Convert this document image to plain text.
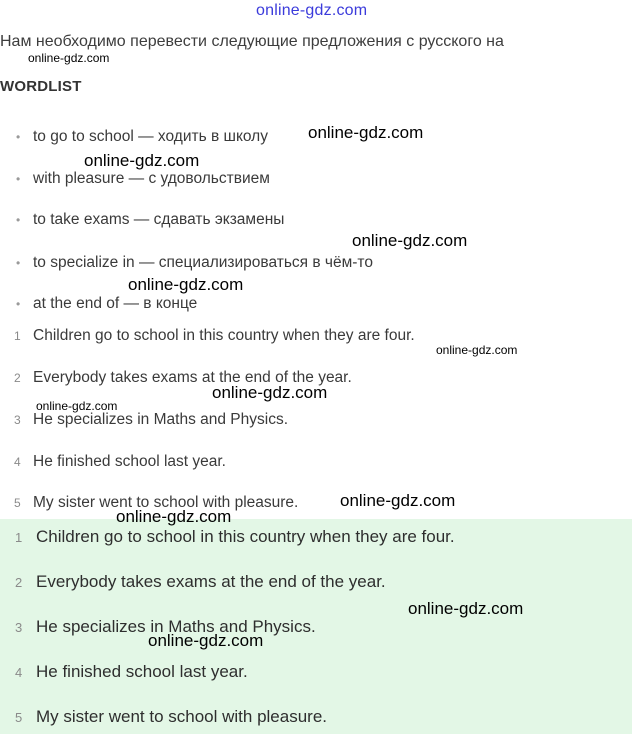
online-gdz.com
Нам необходимо перевести следующие предложения с русского на
WORDLIST
• to go to school — ходить в школу
• with pleasure — с удовольствием
• to take exams — сдавать экзамены
• to specialize in — специализироваться в чём-то
• at the end of — в конце
1 Children go to school in this country when they are four.
2 Everybody takes exams at the end of the year.
3 He specializes in Maths and Physics.
4 He finished school last year.
5 My sister went to school with pleasure.
1 Children go to school in this country when they are four.
2 Everybody takes exams at the end of the year.
3 He specializes in Maths and Physics.
4 He finished school last year.
5 My sister went to school with pleasure.
online-gdz.com
online-gdz.com
online-gdz.com
online-gdz.com
online-gdz.com
online-gdz.com
online-gdz.com
online-gdz.com
online-gdz.com
online-gdz.com
online-gdz.com
online-gdz.com
